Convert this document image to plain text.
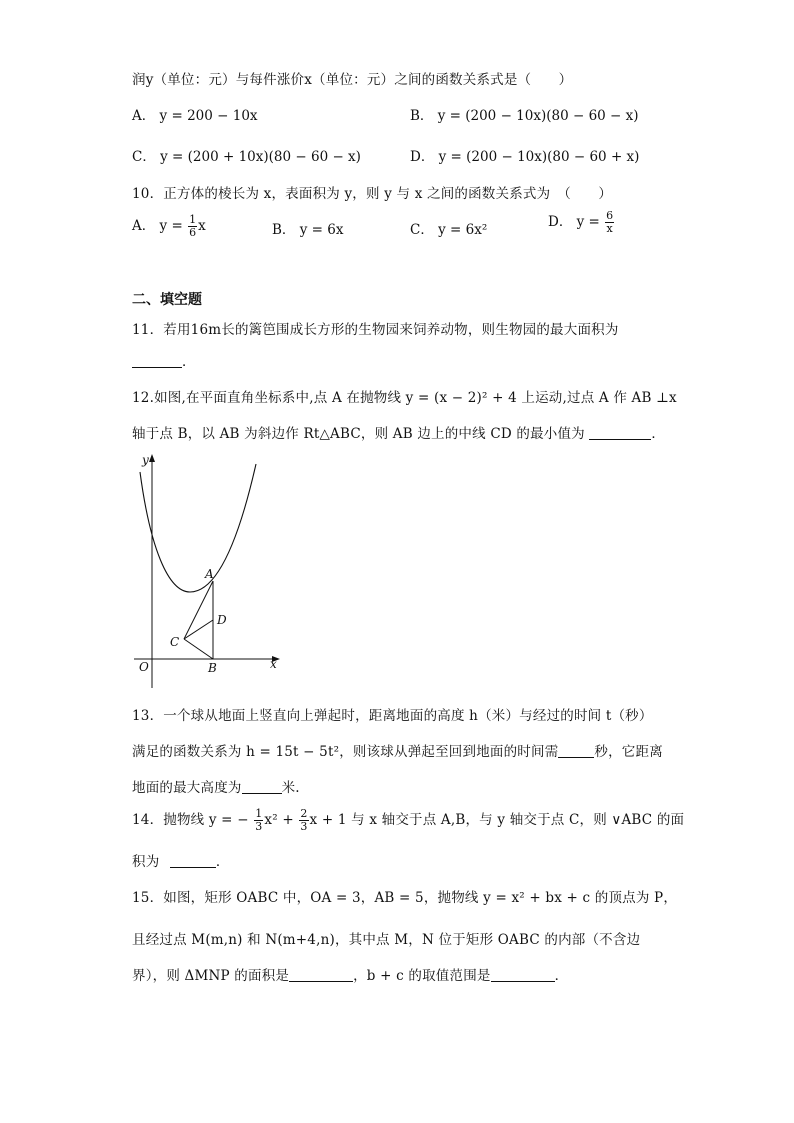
润y（单位：元）与每件涨价x（单位：元）之间的函数关系式是（　　）
A． y = 200 − 10x	B． y = (200 − 10x)(80 − 60 − x)
C． y = (200 + 10x)(80 − 60 − x)	D． y = (200 − 10x)(80 − 60 + x)
10．正方体的棱长为 x，表面积为 y，则 y 与 x 之间的函数关系式为　（　　）
A． $y = \frac{1}{6}$ x	B． y = 6x	C． y = 6x²	D． $y = \frac{6}{x}$
二、填空题
11．若用16m长的篱笆围成长方形的生物园来饲养动物，则生物园的最大面积为
．
12.如图,在平面直角坐标系中,点 A 在抛物线 y = (x − 2)² + 4 上运动,过点 A 作 AB ⊥x
轴于点 B，以 AB 为斜边作 Rt△ABC，则 AB 边上的中线 CD 的最小值为	．
y
x
O
A
B
C
D
13．一个球从地面上竖直向上弹起时，距离地面的高度 h（米）与经过的时间 t（秒）
满足的函数关系为 h = 15t − 5t²，则该球从弹起至回到地面的时间需	秒，它距离
地面的最大高度为	米.
14．抛物线 y = − $\frac{1}{3} x^2 + \frac{2}{3}$ x + 1 与 x 轴交于点 A,B，与 y 轴交于点 C，则 ∨ABC 的面
积为	．
15．如图，矩形 OABC 中，OA = 3，AB = 5，抛物线 y = x² + bx + c 的顶点为 P，
且经过点 M(m,n) 和 N(m+4,n)，其中点 M，N 位于矩形 OABC 的内部（不含边
界），则 ΔMNP 的面积是	，b + c 的取值范围是	．
